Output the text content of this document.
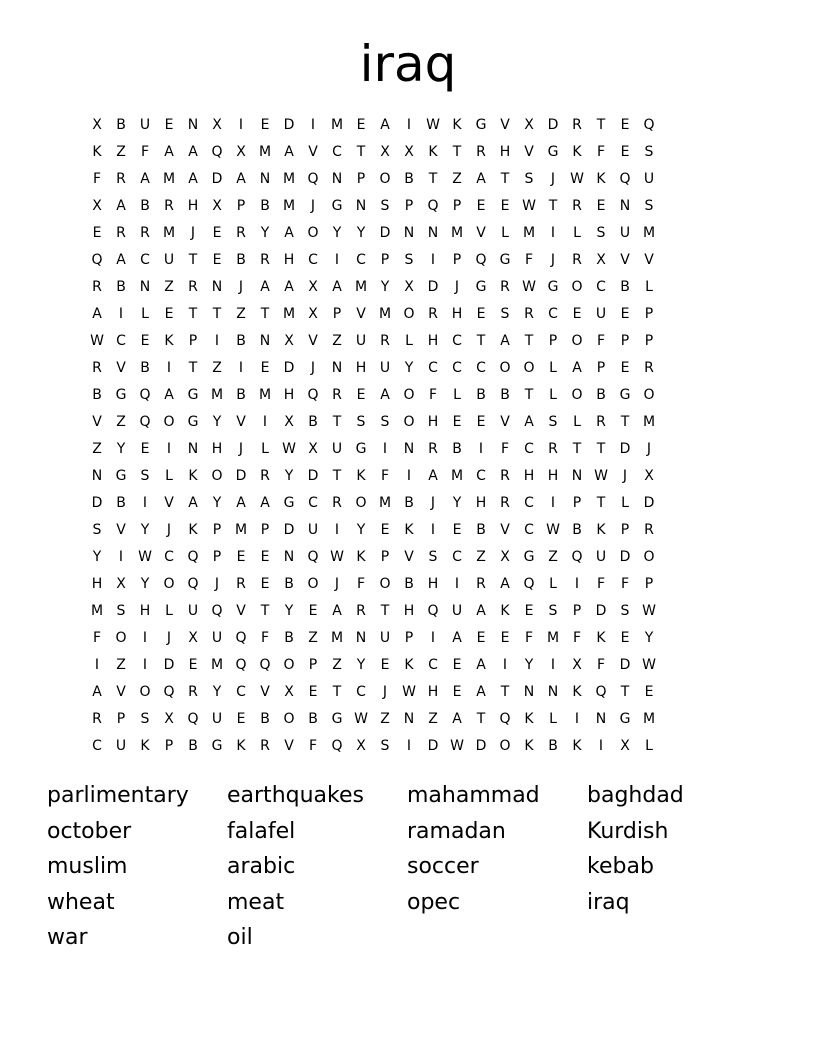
iraq
X	B	U	E	N X	I	E	D	I	M E	A	I	W K G V	X D R	T	E	Q
K	Z	F	A	A Q X M A	V	C	T	X	X	K	T	R H V G K	F	E	S
F	R	A M A D A N M Q N	P	O B	T	Z	A	T	S	J	W K Q U
X	A	B	R H X	P	B M	J	G N	S	P	Q	P	E	E W T	R	E	N	S
E	R	R M	J	E	R	Y	A O	Y	Y	D N N M V	L	M	I	L	S	U M
Q A	C U	T	E	B	R H C	I	C	P	S	I	P	Q G	F	J	R	X	V	V
R	B N Z	R N	J	A	A	X	A M Y	X D	J	G R W G O C	B	L
A	I	L	E	T	T	Z	T M X	P	V M O R H	E	S	R	C	E	U	E	P
W C	E	K	P	I	B N X	V	Z	U	R	L	H C	T	A	T	P	O	F	P	P
R	V	B	I	T	Z	I	E	D	J	N H U	Y	C	C	C O O	L	A	P	E	R
B G Q A G M B M H Q R	E	A O	F	L	B	B	T	L	O B G O
V	Z Q O G	Y	V	I	X	B	T	S	S	O H	E	E	V	A	S	L	R	T M
Z	Y	E	I	N H	J	L W X	U G	I	N R	B	I	F	C	R	T	T	D	J
N G	S	L	K O D R	Y	D	T	K	F	I	A M C	R H H N W	J	X
D B	I	V	A	Y	A	A G C	R O M B	J	Y	H R	C	I	P	T	L	D
S	V	Y	J	K	P M P	D U	I	Y	E	K	I	E	B	V	C W B	K	P	R
Y	I	W C Q	P	E	E	N Q W K	P	V	S	C	Z	X G Z Q U D O
H X	Y	O Q	J	R	E	B O	J	F	O B H	I	R	A Q	L	I	F	F	P
M S	H	L	U Q V	T	Y	E	A	R	T	H Q U	A	K	E	S	P	D	S W
F	O	I	J	X	U Q	F	B	Z M N U	P	I	A	E	E	F M F	K	E	Y
I	Z	I	D	E M Q Q O	P	Z	Y	E	K	C	E	A	I	Y	I	X	F	D W
A	V O Q R	Y	C	V	X	E	T	C	J	W H	E	A	T	N N	K Q	T	E
R	P	S	X Q U	E	B O B G W Z N Z	A	T	Q K	L	I	N G M
C U	K	P	B G K	R	V	F	Q X	S	I	D W D O K	B	K	I	X	L
parlimentary	earthquakes	mahammad	baghdad
october	falafel	ramadan	Kurdish
muslim	arabic	soccer	kebab
wheat	meat	opec	iraq
war	oil
